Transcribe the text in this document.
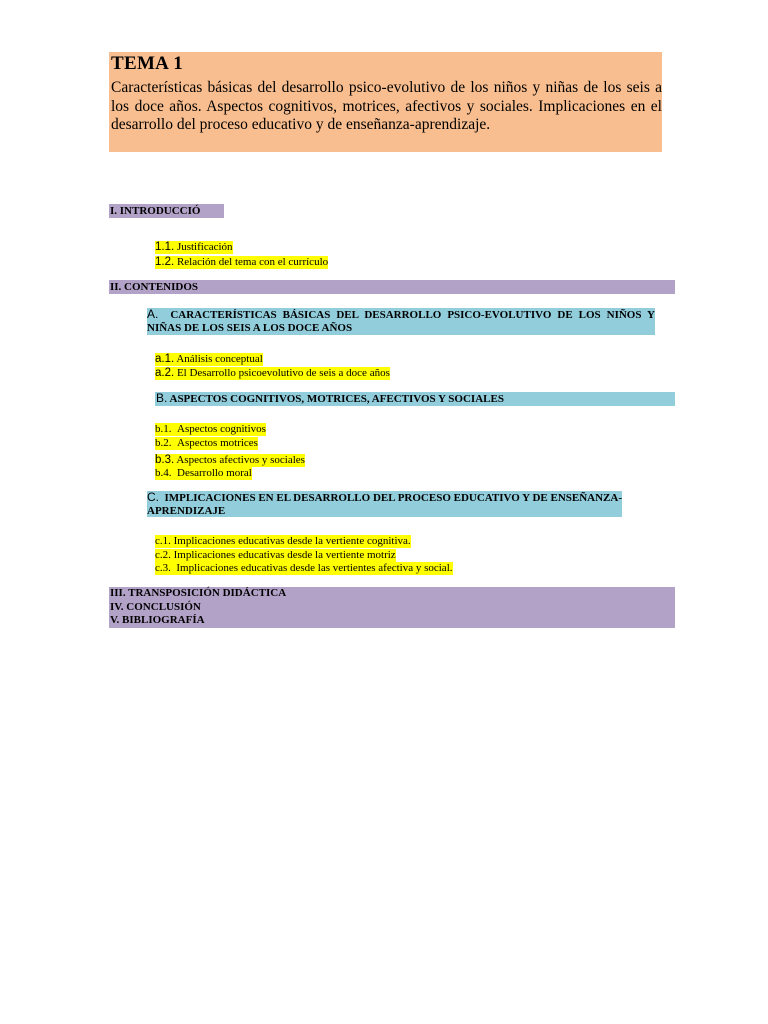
TEMA 1
Características básicas del desarrollo psico-evolutivo de los niños y niñas de los seis a los doce años. Aspectos cognitivos, motrices, afectivos y sociales. Implicaciones en el desarrollo del proceso educativo y de enseñanza-aprendizaje.
I. INTRODUCCIÓ
1.1. Justificación
1.2. Relación del tema con el currículo
II. CONTENIDOS
A. CARACTERÍSTICAS BÁSICAS DEL DESARROLLO PSICO-EVOLUTIVO DE LOS NIÑOS Y NIÑAS DE LOS SEIS A LOS DOCE AÑOS
a.1. Análisis conceptual
a.2. El Desarrollo psicoevolutivo de seis a doce años
B. ASPECTOS COGNITIVOS, MOTRICES, AFECTIVOS Y SOCIALES
b.1. Aspectos cognitivos
b.2. Aspectos motrices
b.3. Aspectos afectivos y sociales
b.4. Desarrollo moral
C. IMPLICACIONES EN EL DESARROLLO DEL PROCESO EDUCATIVO Y DE ENSEÑANZA-APRENDIZAJE
c.1. Implicaciones educativas desde la vertiente cognitiva.
c.2. Implicaciones educativas desde la vertiente motriz
c.3. Implicaciones educativas desde las vertientes afectiva y social.
III. TRANSPOSICIÓN DIDÁCTICA
IV. CONCLUSIÓN
V. BIBLIOGRAFÍA
